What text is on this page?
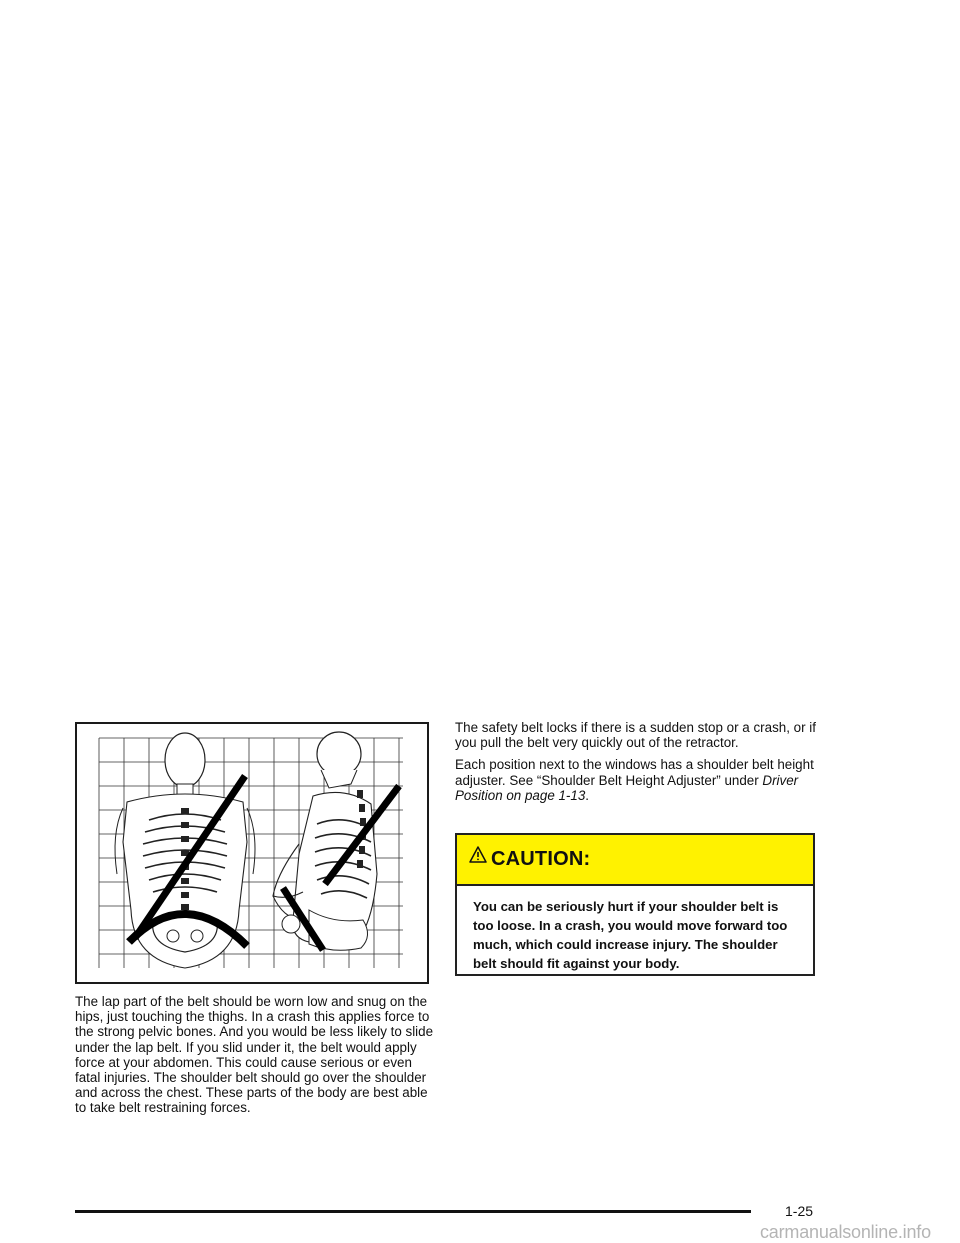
The lap part of the belt should be worn low and snug on the hips, just touching the thighs. In a crash this applies force to the strong pelvic bones. And you would be less likely to slide under the lap belt. If you slid under it, the belt would apply force at your abdomen. This could cause serious or even fatal injuries. The shoulder belt should go over the shoulder and across the chest. These parts of the body are best able to take belt restraining forces.

The safety belt locks if there is a sudden stop or a crash, or if you pull the belt very quickly out of the retractor.

Each position next to the windows has a shoulder belt height adjuster. See “Shoulder Belt Height Adjuster” under Driver Position on page 1-13.

CAUTION:
You can be seriously hurt if your shoulder belt is too loose. In a crash, you would move forward too much, which could increase injury. The shoulder belt should fit against your body.
1-25
carmanualsonline.info
